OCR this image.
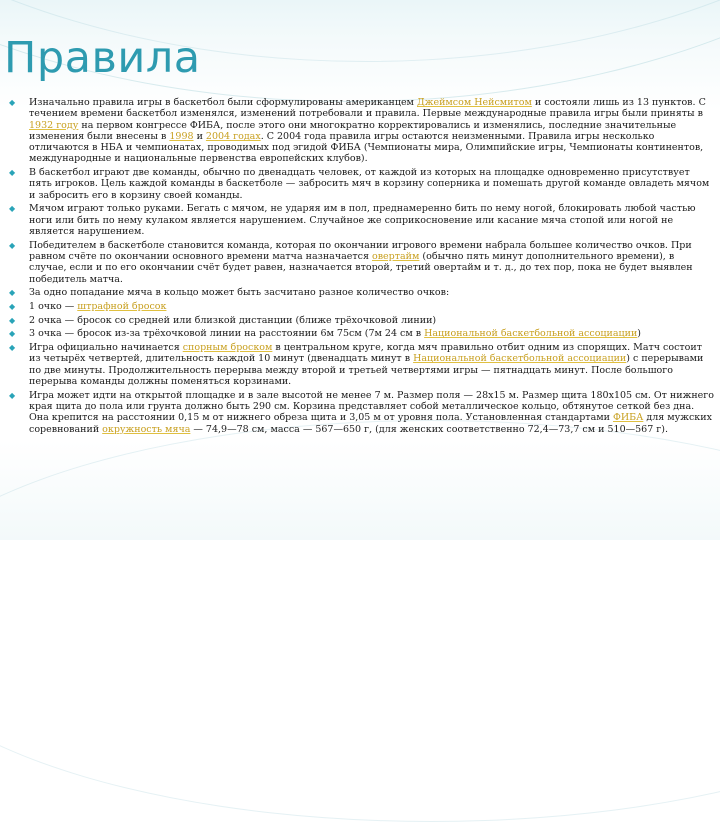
Правила
◆ Изначально правила игры в баскетбол были сформулированы американцем Джеймсом Нейсмитом и состояли лишь из 13 пунктов. С течением времени баскетбол изменялся, изменений потребовали и правила. Первые международные правила игры были приняты в 1932 году на первом конгрессе ФИБА, после этого они многократно корректировались и изменялись, последние значительные изменения были внесены в 1998 и 2004 годах. С 2004 года правила игры остаются неизменными. Правила игры несколько отличаются в НБА и чемпионатах, проводимых под эгидой ФИБА (Чемпионаты мира, Олимпийские игры, Чемпионаты континентов, международные и национальные первенства европейских клубов).
◆ В баскетбол играют две команды, обычно по двенадцать человек, от каждой из которых на площадке одновременно присутствует пять игроков. Цель каждой команды в баскетболе — забросить мяч в корзину соперника и помешать другой команде овладеть мячом и забросить его в корзину своей команды.
◆ Мячом играют только руками. Бегать с мячом, не ударяя им в пол, преднамеренно бить по нему ногой, блокировать любой частью ноги или бить по нему кулаком является нарушением. Случайное же соприкосновение или касание мяча стопой или ногой не является нарушением.
◆ Победителем в баскетболе становится команда, которая по окончании игрового времени набрала большее количество очков. При равном счёте по окончании основного времени матча назначается овертайм (обычно пять минут дополнительного времени), в случае, если и по его окончании счёт будет равен, назначается второй, третий овертайм и т. д., до тех пор, пока не будет выявлен победитель матча.
◆ За одно попадание мяча в кольцо может быть засчитано разное количество очков:
◆ 1 очко — штрафной бросок
◆ 2 очка — бросок со средней или близкой дистанции (ближе трёхочковой линии)
◆ 3 очка — бросок из-за трёхочковой линии на расстоянии 6м 75см (7м 24 см в Национальной баскетбольной ассоциации)
◆ Игра официально начинается спорным броском в центральном круге, когда мяч правильно отбит одним из спорящих. Матч состоит из четырёх четвертей, длительность каждой 10 минут (двенадцать минут в Национальной баскетбольной ассоциации) с перерывами по две минуты. Продолжительность перерыва между второй и третьей четвертями игры — пятнадцать минут. После большого перерыва команды должны поменяться корзинами.
◆ Игра может идти на открытой площадке и в зале высотой не менее 7 м. Размер поля — 28х15 м. Размер щита 180х105 см. От нижнего края щита до пола или грунта должно быть 290 см. Корзина представляет собой металлическое кольцо, обтянутое сеткой без дна. Она крепится на расстоянии 0,15 м от нижнего обреза щита и 3,05 м от уровня пола. Установленная стандартами ФИБА для мужских соревнований окружность мяча — 74,9—78 см, масса — 567—650 г, (для женских соответственно 72,4—73,7 см и 510—567 г).
